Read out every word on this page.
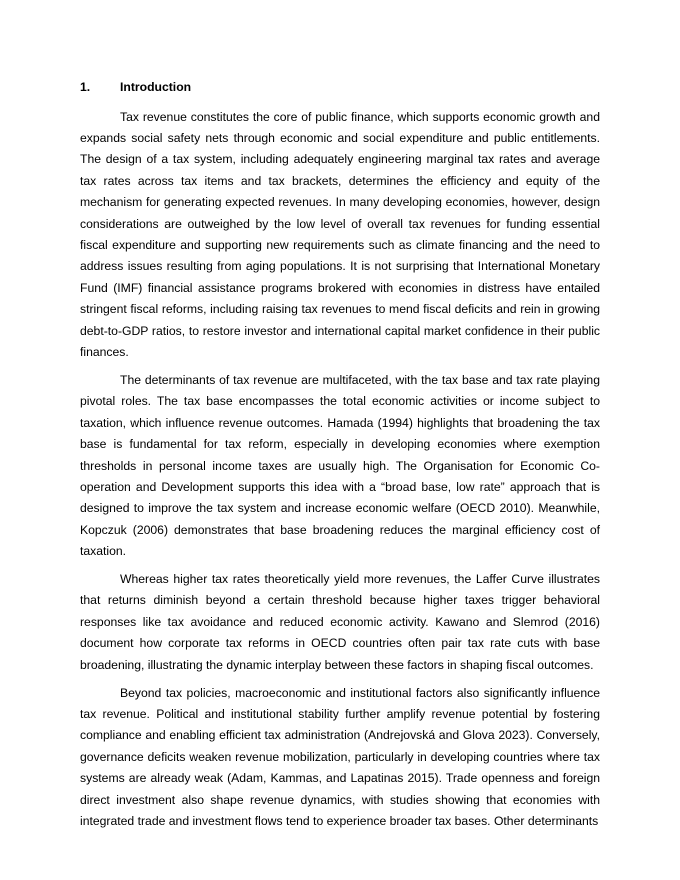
1. Introduction

Tax revenue constitutes the core of public finance, which supports economic growth and expands social safety nets through economic and social expenditure and public entitlements. The design of a tax system, including adequately engineering marginal tax rates and average tax rates across tax items and tax brackets, determines the efficiency and equity of the mechanism for generating expected revenues. In many developing economies, however, design considerations are outweighed by the low level of overall tax revenues for funding essential fiscal expenditure and supporting new requirements such as climate financing and the need to address issues resulting from aging populations. It is not surprising that International Monetary Fund (IMF) financial assistance programs brokered with economies in distress have entailed stringent fiscal reforms, including raising tax revenues to mend fiscal deficits and rein in growing debt-to-GDP ratios, to restore investor and international capital market confidence in their public finances.

The determinants of tax revenue are multifaceted, with the tax base and tax rate playing pivotal roles. The tax base encompasses the total economic activities or income subject to taxation, which influence revenue outcomes. Hamada (1994) highlights that broadening the tax base is fundamental for tax reform, especially in developing economies where exemption thresholds in personal income taxes are usually high. The Organisation for Economic Co-operation and Development supports this idea with a “broad base, low rate” approach that is designed to improve the tax system and increase economic welfare (OECD 2010). Meanwhile, Kopczuk (2006) demonstrates that base broadening reduces the marginal efficiency cost of taxation.

Whereas higher tax rates theoretically yield more revenues, the Laffer Curve illustrates that returns diminish beyond a certain threshold because higher taxes trigger behavioral responses like tax avoidance and reduced economic activity. Kawano and Slemrod (2016) document how corporate tax reforms in OECD countries often pair tax rate cuts with base broadening, illustrating the dynamic interplay between these factors in shaping fiscal outcomes.

Beyond tax policies, macroeconomic and institutional factors also significantly influence tax revenue. Political and institutional stability further amplify revenue potential by fostering compliance and enabling efficient tax administration (Andrejovská and Glova 2023). Conversely, governance deficits weaken revenue mobilization, particularly in developing countries where tax systems are already weak (Adam, Kammas, and Lapatinas 2015). Trade openness and foreign direct investment also shape revenue dynamics, with studies showing that economies with integrated trade and investment flows tend to experience broader tax bases. Other determinants
